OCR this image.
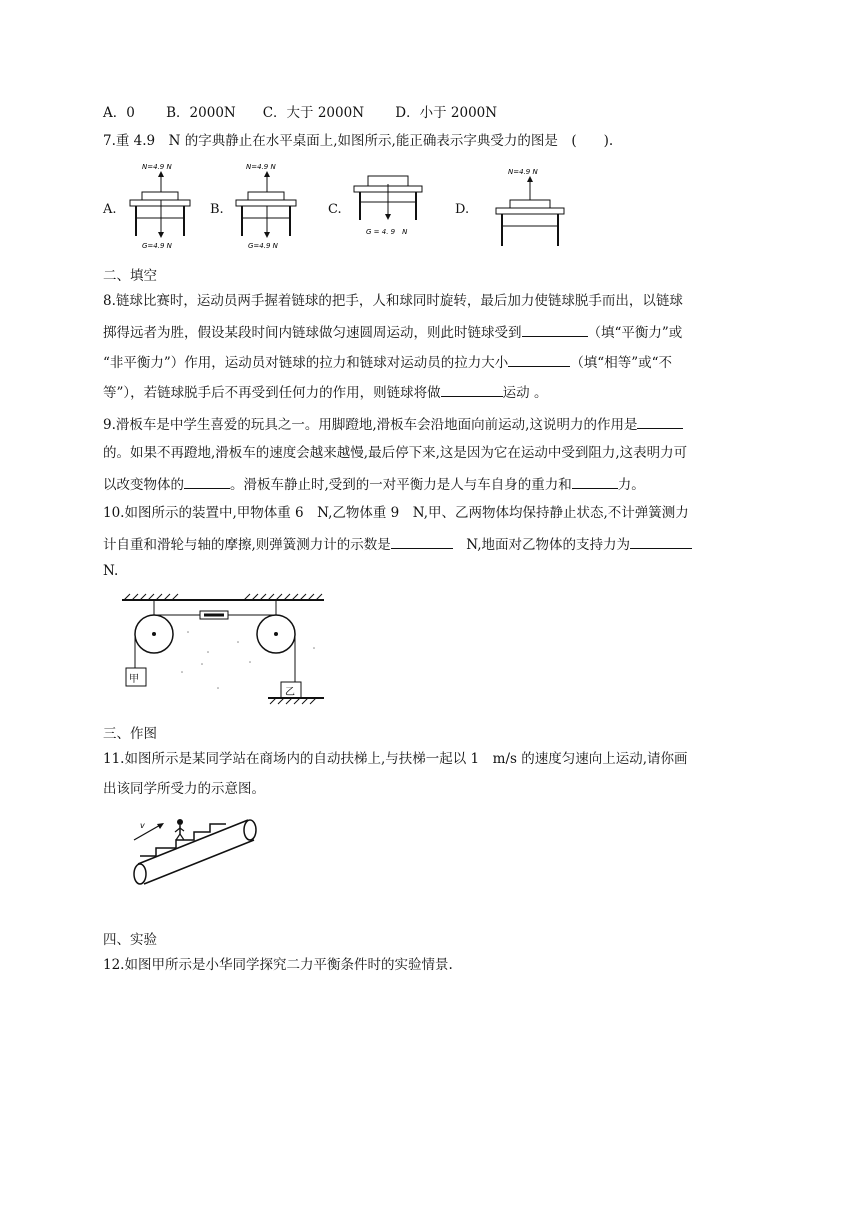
A．0　　 B．2000N　　C．大于 2000N　　 D．小于 2000N
7.重 4.9　N 的字典静止在水平桌面上,如图所示,能正确表示字典受力的图是　(　　).
A.
N=4.9 N
G=4.9 N
B.
N=4.9 N
G=4.9 N
C.
G = 4. 9　N
D.
N=4.9 N
二、填空
8.链球比赛时，运动员两手握着链球的把手，人和球同时旋转，最后加力使链球脱手而出，以链球
掷得远者为胜，假设某段时间内链球做匀速圆周运动，则此时链球受到	（填“平衡力”或
“非平衡力”）作用，运动员对链球的拉力和链球对运动员的拉力大小	（填“相等”或“不
等”），若链球脱手后不再受到任何力的作用，则链球将做	运动 。
9.滑板车是中学生喜爱的玩具之一。用脚蹬地,滑板车会沿地面向前运动,这说明力的作用是
的。如果不再蹬地,滑板车的速度会越来越慢,最后停下来,这是因为它在运动中受到阻力,这表明力可
以改变物体的	。滑板车静止时,受到的一对平衡力是人与车自身的重力和	力。
10.如图所示的装置中,甲物体重 6　N,乙物体重 9　N,甲、乙两物体均保持静止状态,不计弹簧测力
计自重和滑轮与轴的摩擦,则弹簧测力计的示数是	　N,地面对乙物体的支持力为
N.
甲
乙
三、作图
11.如图所示是某同学站在商场内的自动扶梯上,与扶梯一起以 1　m/s 的速度匀速向上运动,请你画
出该同学所受力的示意图。
v
四、实验
12.如图甲所示是小华同学探究二力平衡条件时的实验情景.
